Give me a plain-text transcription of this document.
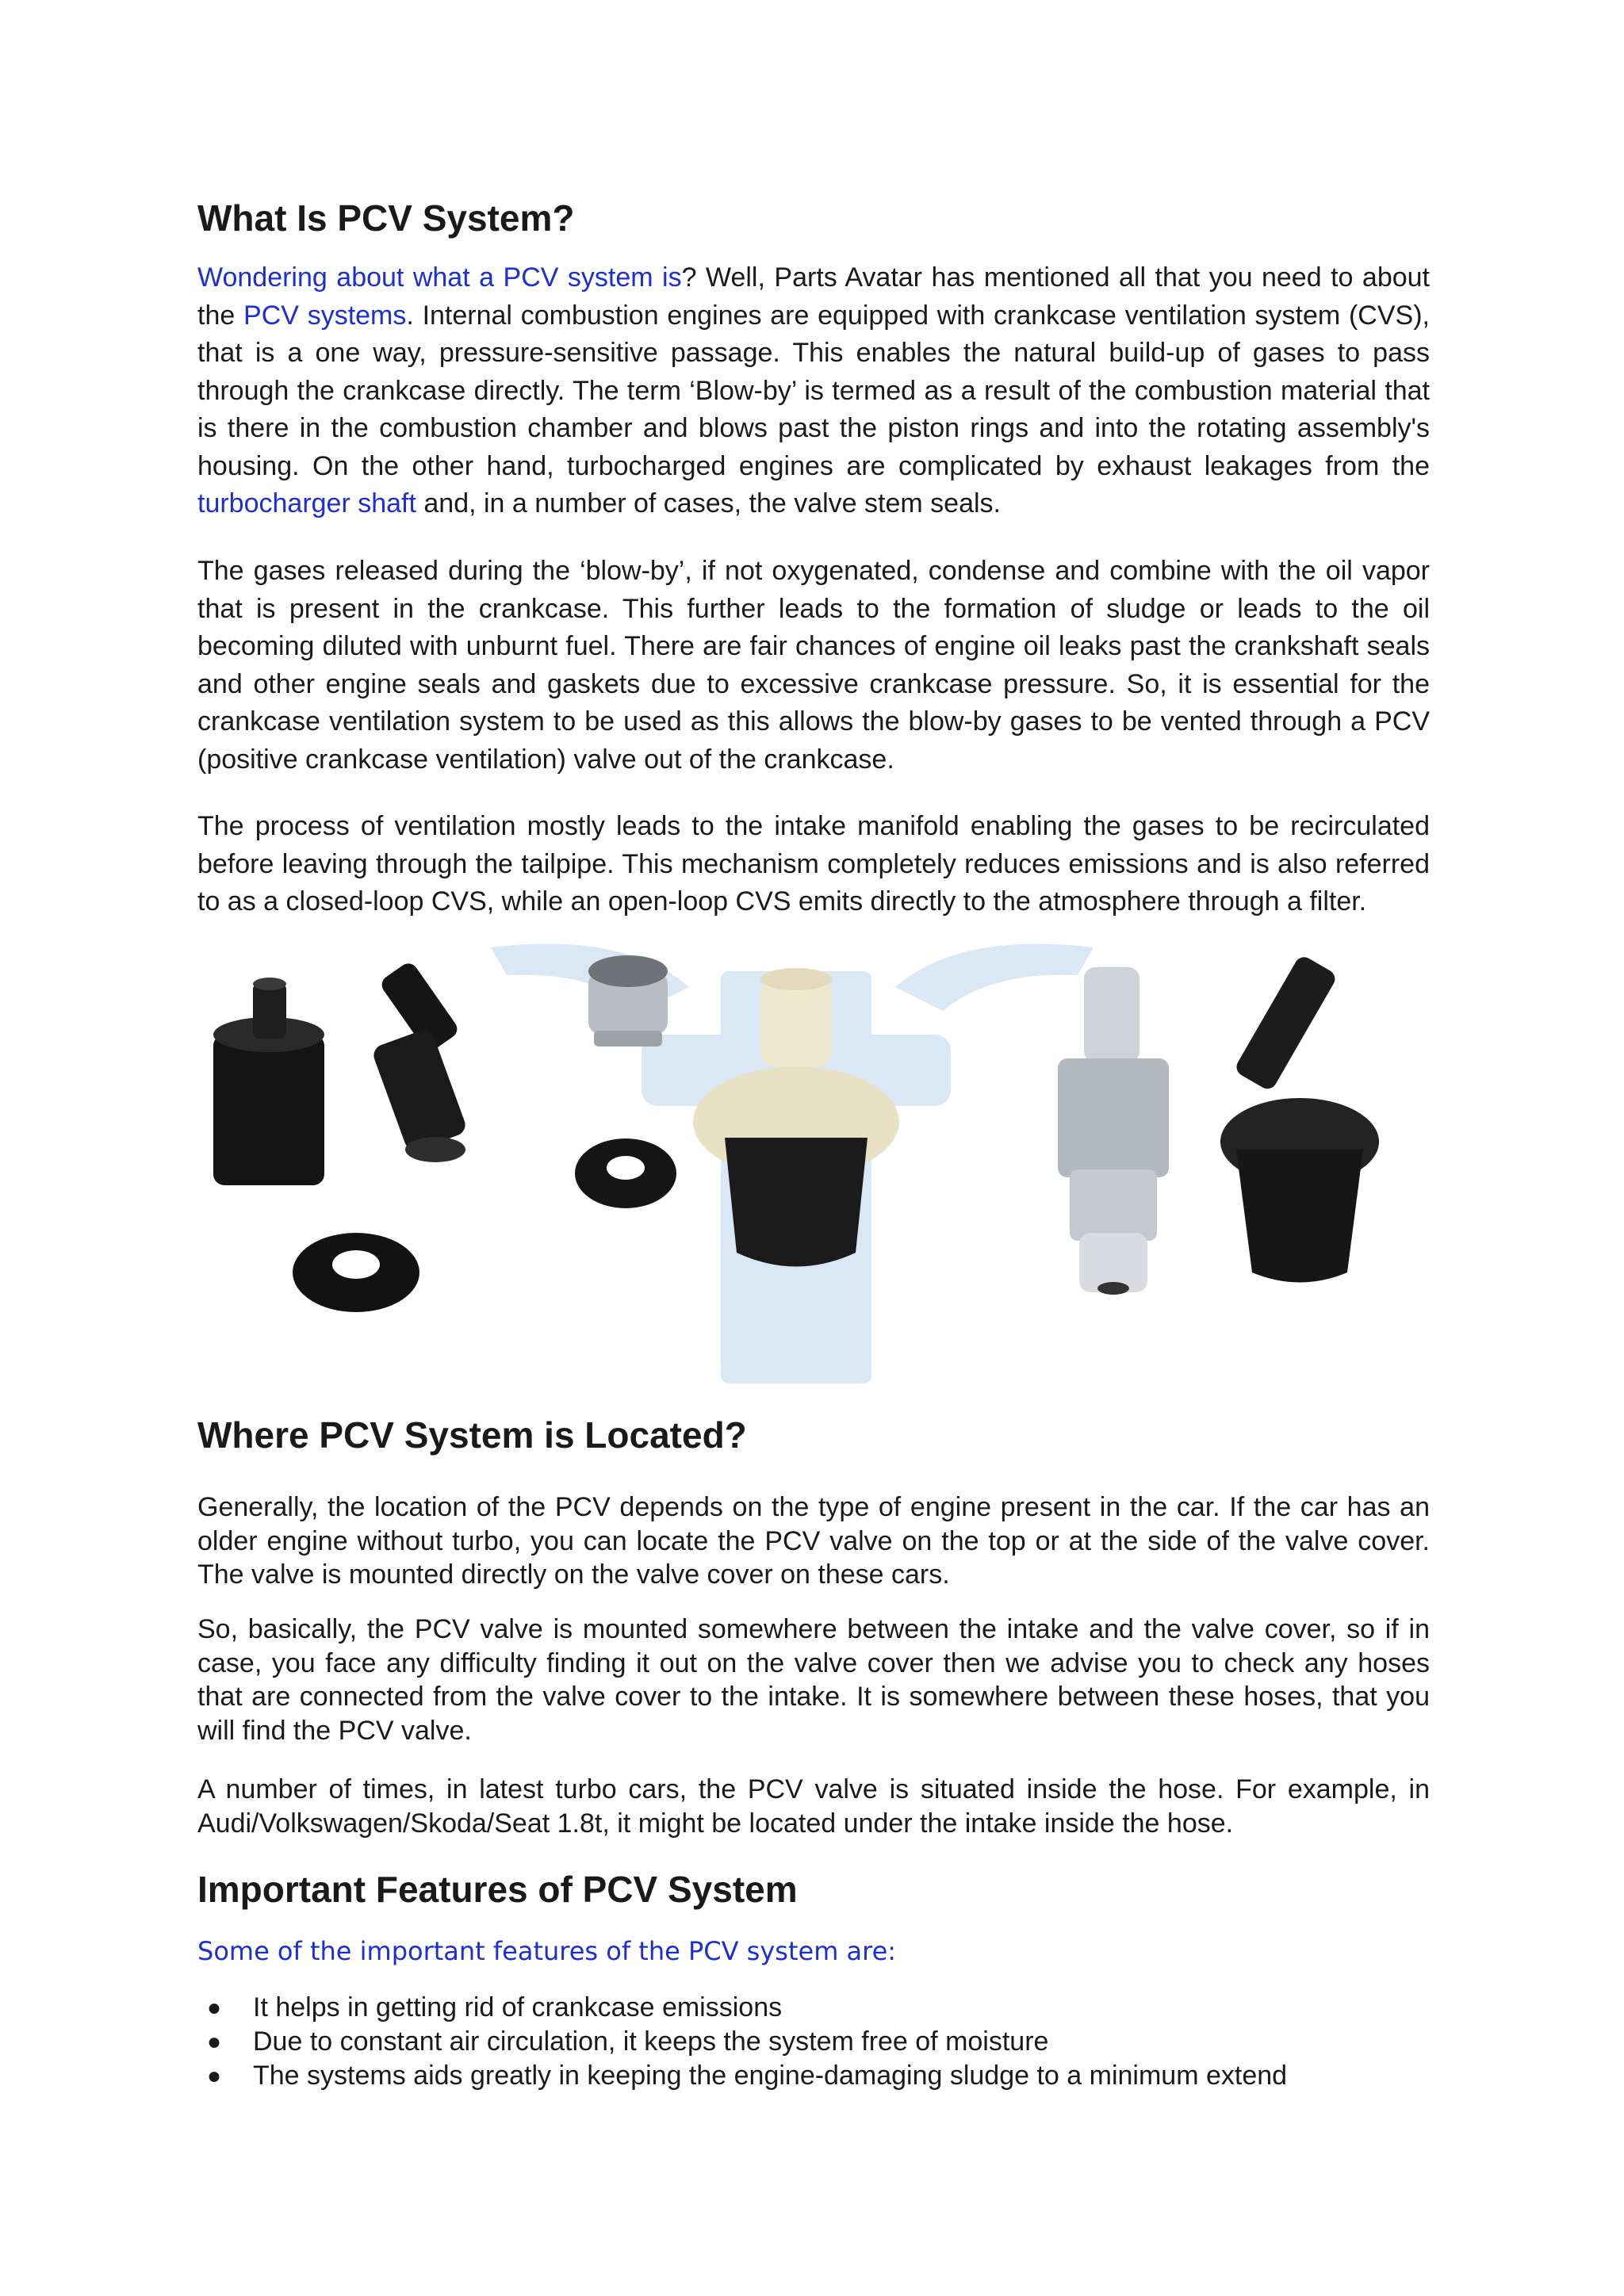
What Is PCV System?

Wondering about what a PCV system is? Well, Parts Avatar has mentioned all that you need to about the PCV systems. Internal combustion engines are equipped with crankcase ventilation system (CVS), that is a one way, pressure-sensitive passage. This enables the natural build-up of gases to pass through the crankcase directly. The term ‘Blow-by’ is termed as a result of the combustion material that is there in the combustion chamber and blows past the piston rings and into the rotating assembly's housing. On the other hand, turbocharged engines are complicated by exhaust leakages from the turbocharger shaft and, in a number of cases, the valve stem seals.

The gases released during the ‘blow-by’, if not oxygenated, condense and combine with the oil vapor that is present in the crankcase. This further leads to the formation of sludge or leads to the oil becoming diluted with unburnt fuel. There are fair chances of engine oil leaks past the crankshaft seals and other engine seals and gaskets due to excessive crankcase pressure. So, it is essential for the crankcase ventilation system to be used as this allows the blow-by gases to be vented through a PCV (positive crankcase ventilation) valve out of the crankcase.

The process of ventilation mostly leads to the intake manifold enabling the gases to be recirculated before leaving through the tailpipe. This mechanism completely reduces emissions and is also referred to as a closed-loop CVS, while an open-loop CVS emits directly to the atmosphere through a filter.

Where PCV System is Located?

Generally, the location of the PCV depends on the type of engine present in the car. If the car has an older engine without turbo, you can locate the PCV valve on the top or at the side of the valve cover. The valve is mounted directly on the valve cover on these cars.

So, basically, the PCV valve is mounted somewhere between the intake and the valve cover, so if in case, you face any difficulty finding it out on the valve cover then we advise you to check any hoses that are connected from the valve cover to the intake. It is somewhere between these hoses, that you will find the PCV valve.

A number of times, in latest turbo cars, the PCV valve is situated inside the hose. For example, in Audi/Volkswagen/Skoda/Seat 1.8t, it might be located under the intake inside the hose.

Important Features of PCV System
Some of the important features of the PCV system are:
● It helps in getting rid of crankcase emissions
● Due to constant air circulation, it keeps the system free of moisture
● The systems aids greatly in keeping the engine-damaging sludge to a minimum extend
